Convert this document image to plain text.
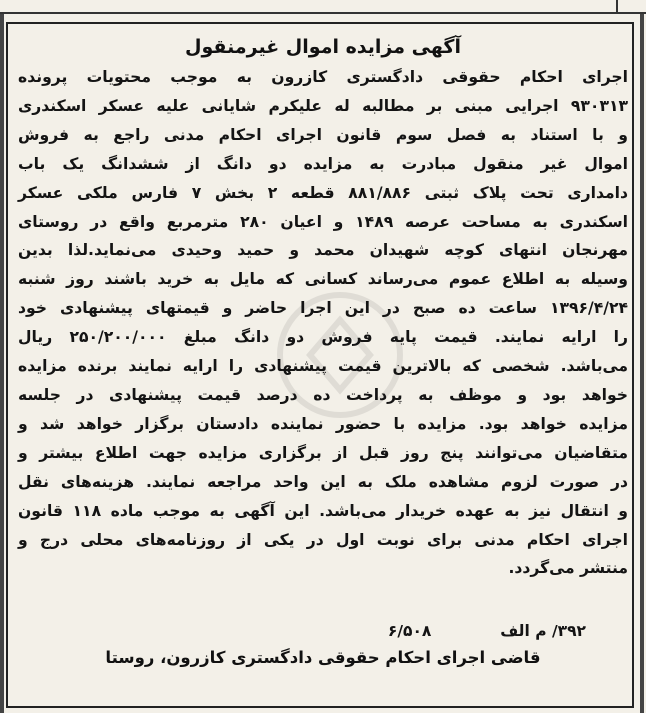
آگهی مزایده اموال غیرمنقول
اجرای احکام حقوقی دادگستری کازرون به موجب محتویات پرونده
۹۳۰۳۱۳ اجرایی مبنی بر مطالبه له علیکرم شایانی علیه عسکر اسکندری
و با استناد به فصل سوم قانون اجرای احکام مدنی راجع به فروش
اموال غیر منقول مبادرت به مزایده دو دانگ از ششدانگ یک باب
دامداری تحت پلاک ثبتی ۸۸۱/۸۸۶ قطعه ۲ بخش ۷ فارس ملکی عسکر
اسکندری به مساحت عرصه ۱۴۸۹ و اعیان ۲۸۰ مترمربع واقع در روستای
مهرنجان انتهای کوچه شهیدان محمد و حمید وحیدی می‌نماید.لذا بدین
وسیله به اطلاع عموم می‌رساند کسانی که مایل به خرید باشند روز شنبه
۱۳۹۶/۴/۲۴ ساعت ده صبح در این اجرا حاضر و قیمتهای پیشنهادی خود
را ارایه نمایند. قیمت پایه فروش دو دانگ مبلغ ۲۵۰/۲۰۰/۰۰۰ ریال
می‌باشد. شخصی که بالاترین قیمت پیشنهادی را ارایه نمایند برنده مزایده
خواهد بود و موظف به پرداخت ده درصد قیمت پیشنهادی در جلسه
مزایده خواهد بود. مزایده با حضور نماینده دادستان برگزار خواهد شد و
متقاضیان می‌توانند پنج روز قبل از برگزاری مزایده جهت اطلاع بیشتر و
در صورت لزوم مشاهده ملک به این واحد مراجعه نمایند. هزینه‌های نقل
و انتقال نیز به عهده خریدار می‌باشد. این آگهی به موجب ماده ۱۱۸ قانون
اجرای احکام مدنی برای نوبت اول در یکی از روزنامه‌های محلی درج و
منتشر می‌گردد.
۳۹۲/ م الف  ۶/۵۰۸
قاضی اجرای احکام حقوقی دادگستری کازرون، روستا
